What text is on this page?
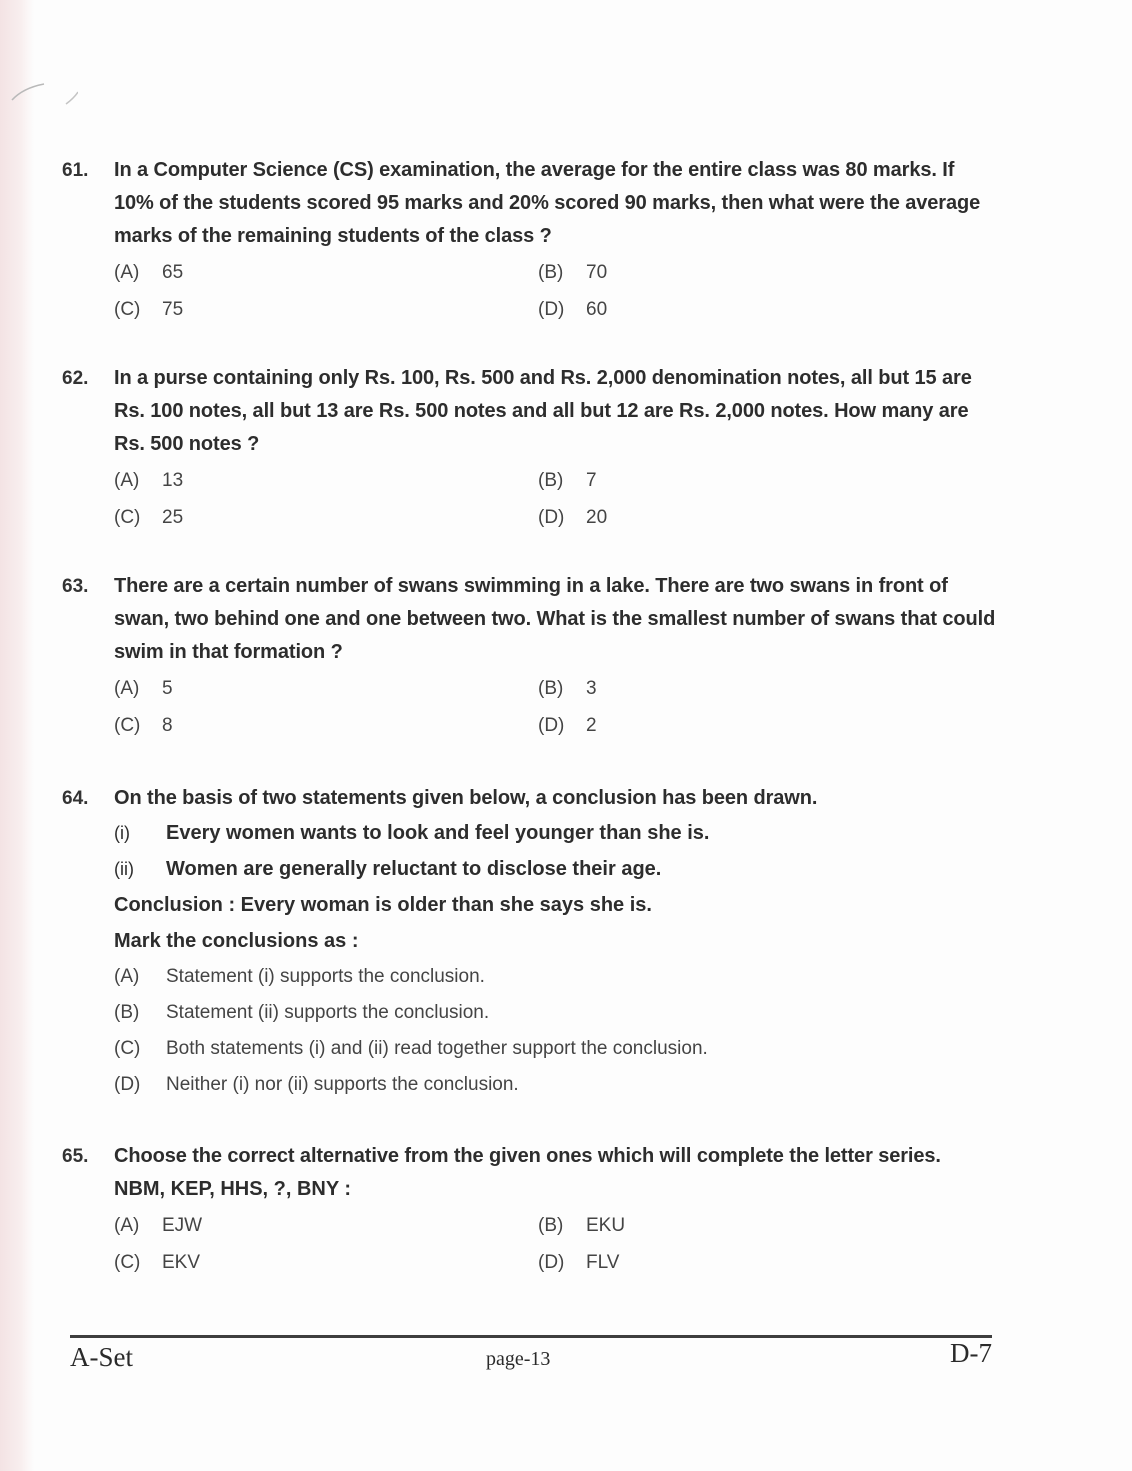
61.	In a Computer Science (CS) examination, the average for the entire class was 80 marks. If 10% of the students scored 95 marks and 20% scored 90 marks, then what were the average marks of the remaining students of the class ?
(A)	65	(B)	70
(C)	75	(D)	60
62.	In a purse containing only Rs. 100, Rs. 500 and Rs. 2,000 denomination notes, all but 15 are Rs. 100 notes, all but 13 are Rs. 500 notes and all but 12 are Rs. 2,000 notes. How many are Rs. 500 notes ?
(A)	13	(B)	7
(C)	25	(D)	20
63.	There are a certain number of swans swimming in a lake. There are two swans in front of swan, two behind one and one between two. What is the smallest number of swans that could swim in that formation ?
(A)	5	(B)	3
(C)	8	(D)	2
64.	On the basis of two statements given below, a conclusion has been drawn.
(i)	Every women wants to look and feel younger than she is.
(ii)	Women are generally reluctant to disclose their age.
Conclusion : Every woman is older than she says she is.
Mark the conclusions as :
(A)	Statement (i) supports the conclusion.
(B)	Statement (ii) supports the conclusion.
(C)	Both statements (i) and (ii) read together support the conclusion.
(D)	Neither (i) nor (ii) supports the conclusion.
65.	Choose the correct alternative from the given ones which will complete the letter series.
NBM, KEP, HHS, ?, BNY :
(A)	EJW	(B)	EKU
(C)	EKV	(D)	FLV
A-Set	page-13	D-7
